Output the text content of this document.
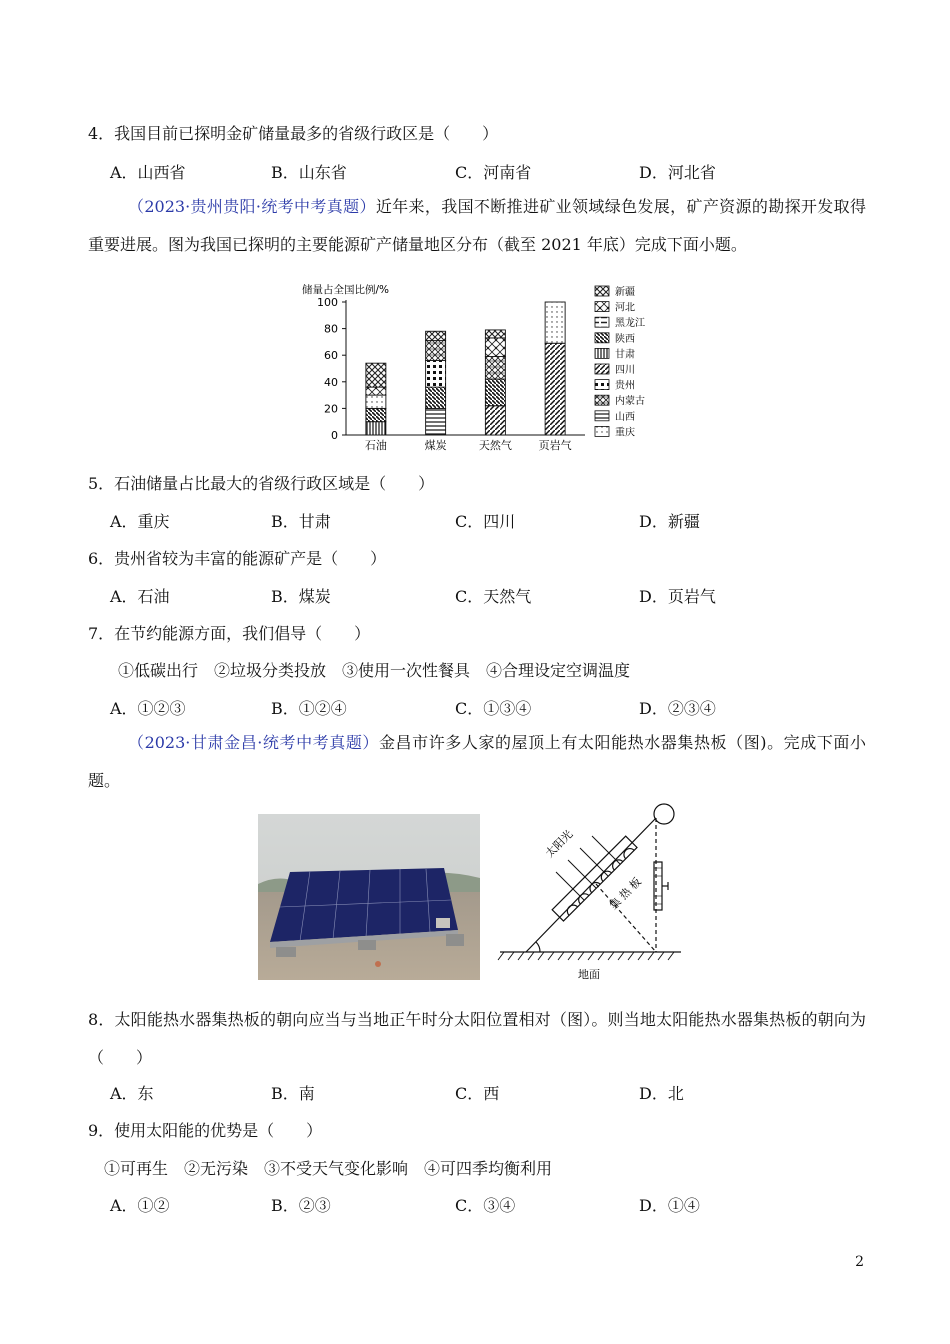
4．我国目前已探明金矿储量最多的省级行政区是（　　）
A．山西省	B．山东省	C．河南省	D．河北省
（2023·贵州贵阳·统考中考真题）近年来，我国不断推进矿业领域绿色发展，矿产资源的勘探开发取得重要进展。图为我国已探明的主要能源矿产储量地区分布（截至 2021 年底）完成下面小题。
储量占全国比例/%
0
20
40
60
80
100
石油	煤炭	天然气 页岩气
新疆
河北
黑龙江
陕西
甘肃
四川
贵州
内蒙古
山西
重庆
5．石油储量占比最大的省级行政区域是（　　）
A．重庆	B．甘肃	C．四川	D．新疆
6．贵州省较为丰富的能源矿产是（　　）
A．石油	B．煤炭	C．天然气	D．页岩气
7．在节约能源方面，我们倡导（　　）
①低碳出行　②垃圾分类投放　③使用一次性餐具　④合理设定空调温度
A．①②③	B．①②④	C．①③④	D．②③④
（2023·甘肃金昌·统考中考真题）金昌市许多人家的屋顶上有太阳能热水器集热板（图)。完成下面小题。
太阳光
集
热
板
地面
8．太阳能热水器集热板的朝向应当与当地正午时分太阳位置相对（图）。则当地太阳能热水器集热板的朝向为（　　）
A．东	B．南	C．西	D．北
9．使用太阳能的优势是（　　）
①可再生　②无污染　③不受天气变化影响　④可四季均衡利用
A．①②	B．②③	C．③④	D．①④
2
